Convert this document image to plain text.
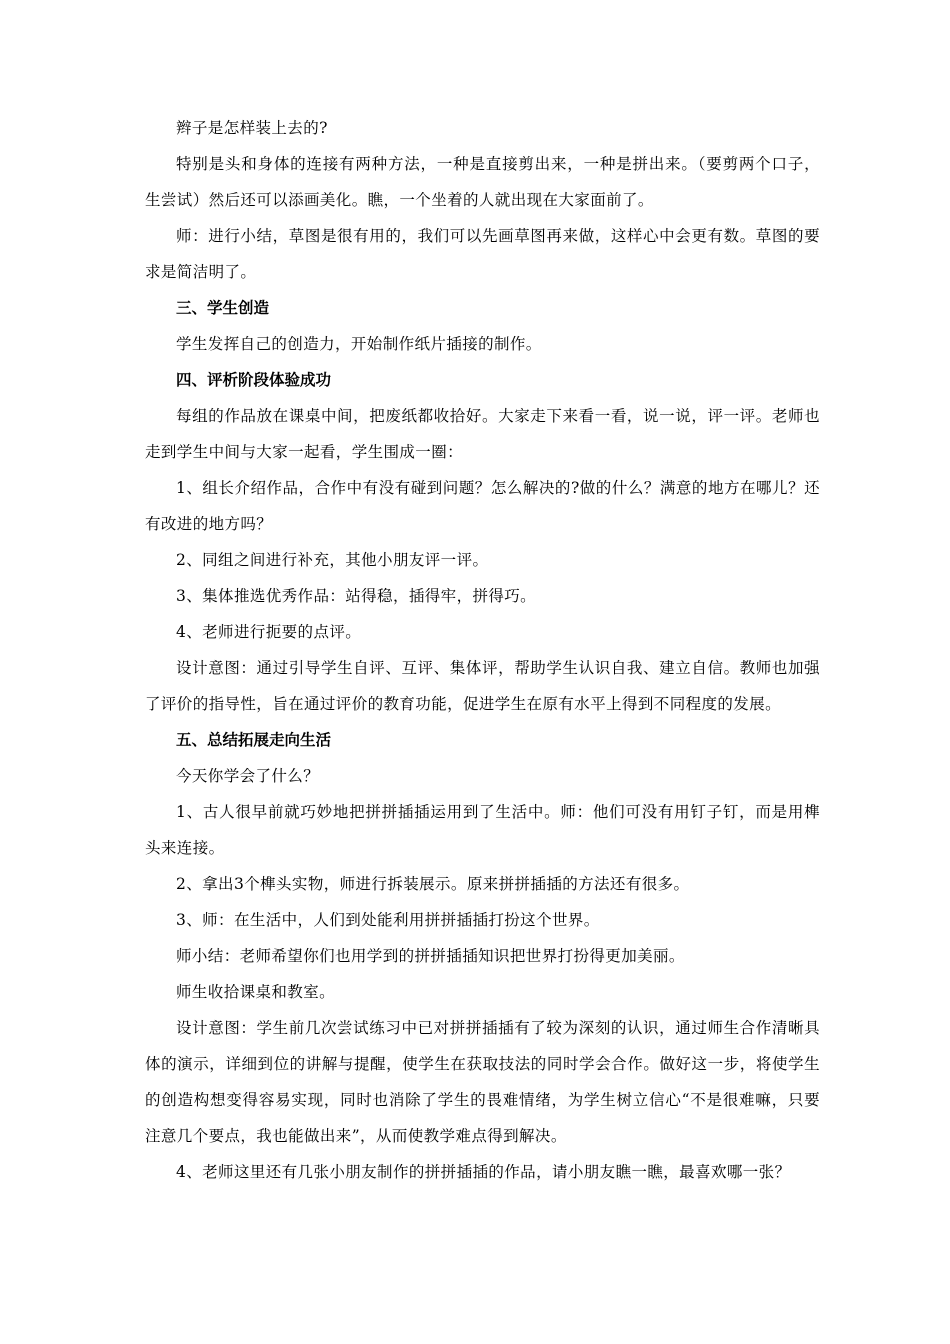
辫子是怎样装上去的?

特别是头和身体的连接有两种方法，一种是直接剪出来，一种是拼出来。（要剪两个口子，生尝试）然后还可以添画美化。瞧，一个坐着的人就出现在大家面前了。

师：进行小结，草图是很有用的，我们可以先画草图再来做，这样心中会更有数。草图的要求是简洁明了。

三、学生创造

学生发挥自己的创造力，开始制作纸片插接的制作。

四、评析阶段体验成功

每组的作品放在课桌中间，把废纸都收拾好。大家走下来看一看，说一说，评一评。老师也走到学生中间与大家一起看，学生围成一圈：

1、组长介绍作品，合作中有没有碰到问题？怎么解决的?做的什么？满意的地方在哪儿？还有改进的地方吗？

2、同组之间进行补充，其他小朋友评一评。

3、集体推选优秀作品：站得稳，插得牢，拼得巧。

4、老师进行扼要的点评。

设计意图：通过引导学生自评、互评、集体评，帮助学生认识自我、建立自信。教师也加强了评价的指导性，旨在通过评价的教育功能，促进学生在原有水平上得到不同程度的发展。

五、总结拓展走向生活

今天你学会了什么？

1、古人很早前就巧妙地把拼拼插插运用到了生活中。师：他们可没有用钉子钉，而是用榫头来连接。

2、拿出3个榫头实物，师进行拆装展示。原来拼拼插插的方法还有很多。

3、师：在生活中，人们到处能利用拼拼插插打扮这个世界。

师小结：老师希望你们也用学到的拼拼插插知识把世界打扮得更加美丽。

师生收拾课桌和教室。

设计意图：学生前几次尝试练习中已对拼拼插插有了较为深刻的认识，通过师生合作清晰具体的演示，详细到位的讲解与提醒，使学生在获取技法的同时学会合作。做好这一步，将使学生的创造构想变得容易实现，同时也消除了学生的畏难情绪，为学生树立信心“不是很难嘛，只要注意几个要点，我也能做出来”，从而使教学难点得到解决。

4、老师这里还有几张小朋友制作的拼拼插插的作品，请小朋友瞧一瞧，最喜欢哪一张？
